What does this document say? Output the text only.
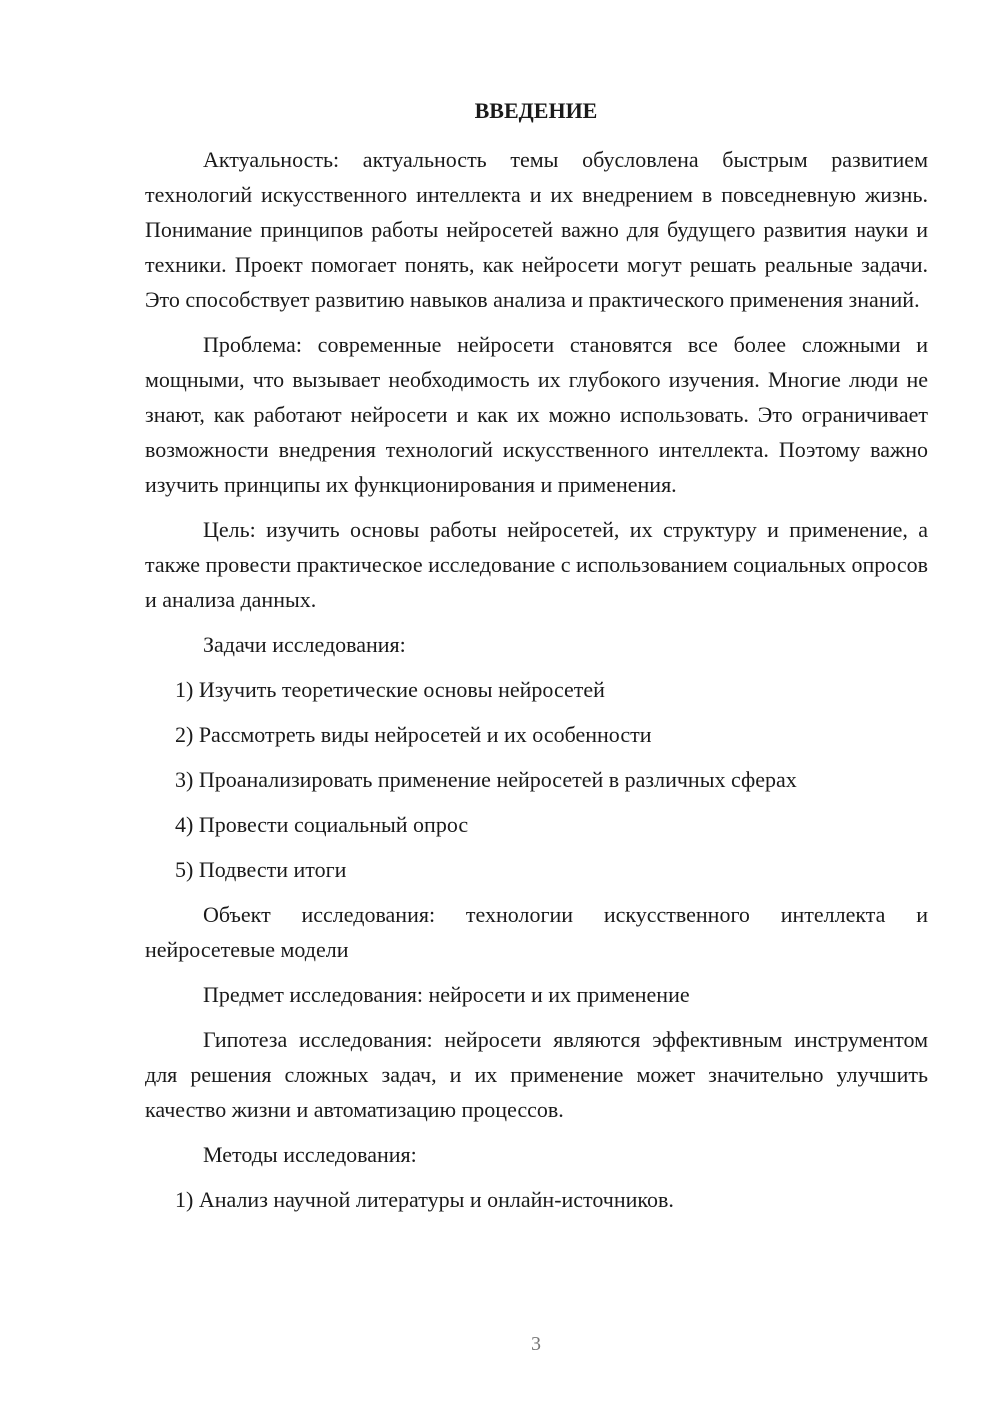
ВВЕДЕНИЕ

Актуальность: актуальность темы обусловлена быстрым развитием технологий искусственного интеллекта и их внедрением в повседневную жизнь. Понимание принципов работы нейросетей важно для будущего развития науки и техники. Проект помогает понять, как нейросети могут решать реальные задачи. Это способствует развитию навыков анализа и практического применения знаний.

Проблема: современные нейросети становятся все более сложными и мощными, что вызывает необходимость их глубокого изучения. Многие люди не знают, как работают нейросети и как их можно использовать. Это ограничивает возможности внедрения технологий искусственного интеллекта. Поэтому важно изучить принципы их функционирования и применения.

Цель: изучить основы работы нейросетей, их структуру и применение, а также провести практическое исследование с использованием социальных опросов и анализа данных.

Задачи исследования:

1) Изучить теоретические основы нейросетей
2) Рассмотреть виды нейросетей и их особенности
3) Проанализировать применение нейросетей в различных сферах
4) Провести социальный опрос
5) Подвести итоги

Объект исследования: технологии искусственного интеллекта и нейросетевые модели

Предмет исследования: нейросети и их применение

Гипотеза исследования: нейросети являются эффективным инструментом для решения сложных задач, и их применение может значительно улучшить качество жизни и автоматизацию процессов.

Методы исследования:

1) Анализ научной литературы и онлайн-источников.
3
